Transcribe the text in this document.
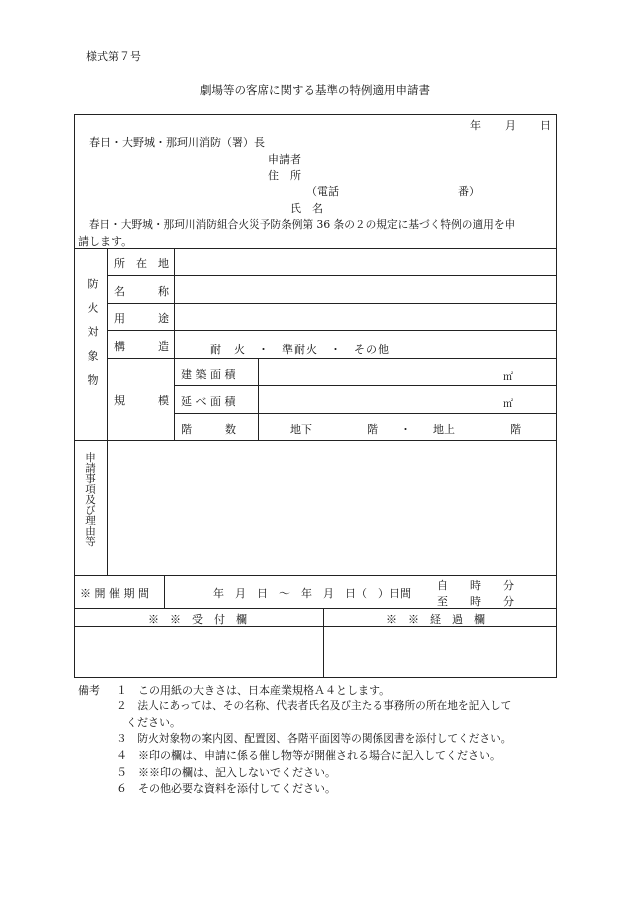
様式第７号
劇場等の客席に関する基準の特例適用申請書
年 月 日
春日・大野城・那珂川消防（署）長
申請者
住　所
（電話	番）
氏　名
　春日・大野城・那珂川消防組合火災予防条例第 36 条の２の規定に基づく特例の適用を申
請します。
防火対象物
所　在　地
名　　　称
用　　　途
構　　　造	耐　火　・　準耐火　・　その他
規　　　模
建 築 面 積	㎡
延 べ 面 積	㎡
階　　　数	地下　　　　　階　　・　　地上　　　　　階
申請事項及び理由等
※ 開 催 期 間	年　月　日　〜　年　月　日（　）日間
自　　時　　分
至　　時　　分
※　※　受　付　欄	※　※　経　過　欄
備考 １　この用紙の大きさは、日本産業規格Ａ４とします。
２　法人にあっては、その名称、代表者氏名及び主たる事務所の所在地を記入して
ください。
３　防火対象物の案内図、配置図、各階平面図等の関係図書を添付してください。
４　※印の欄は、申請に係る催し物等が開催される場合に記入してください。
５　※※印の欄は、記入しないでください。
６　その他必要な資料を添付してください。
